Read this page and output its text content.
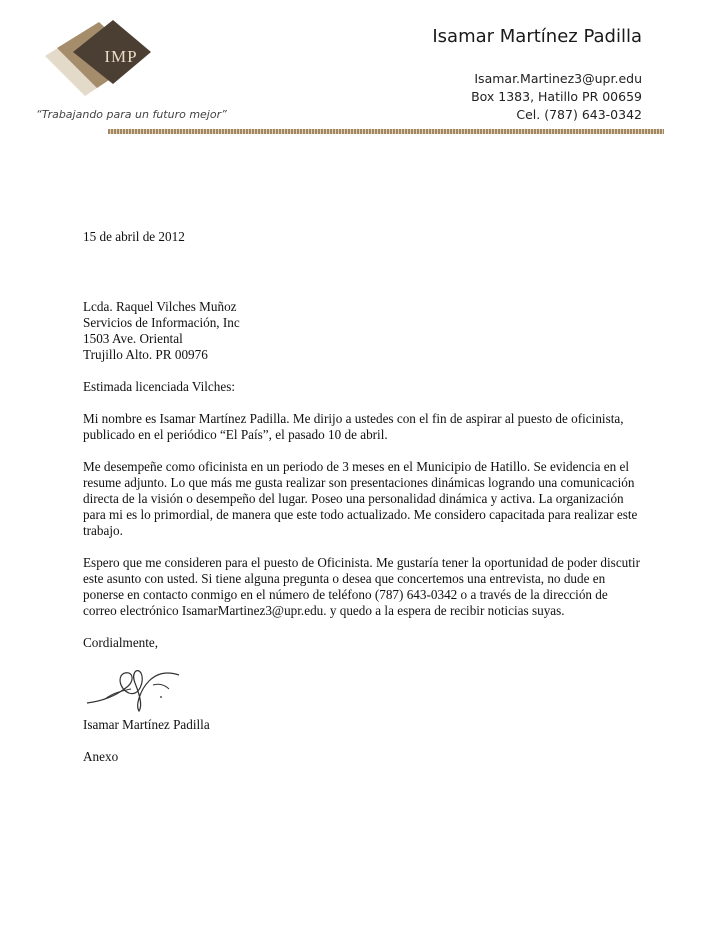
IMP
“Trabajando para un futuro mejor”
Isamar Martínez Padilla
Isamar.Martinez3@upr.edu
Box 1383, Hatillo PR 00659
Cel. (787) 643-0342

15 de abril de 2012

Lcda. Raquel Vilches Muñoz

Servicios de Información, Inc

1503 Ave. Oriental

Trujillo Alto. PR 00976

Estimada licenciada Vilches:

Mi nombre es Isamar Martínez Padilla. Me dirijo a ustedes con el fin de aspirar al puesto de oficinista, publicado en el periódico “El País”, el pasado 10 de abril.

Me desempeñe como oficinista en un periodo de 3 meses en el Municipio de Hatillo. Se evidencia en el resume adjunto. Lo que más me gusta realizar son presentaciones dinámicas logrando una comunicación directa de la visión o desempeño del lugar. Poseo una personalidad dinámica y activa. La organización para mi es lo primordial, de manera que este todo actualizado. Me considero capacitada para realizar este trabajo.

Espero que me consideren para el puesto de Oficinista. Me gustaría tener la oportunidad de poder discutir este asunto con usted. Si tiene alguna pregunta o desea que concertemos una entrevista, no dude en ponerse en contacto conmigo en el número de teléfono (787) 643-0342 o a través de la dirección de correo electrónico IsamarMartinez3@upr.edu. y quedo a la espera de recibir noticias suyas.

Cordialmente,

Isamar Martínez Padilla

Anexo
